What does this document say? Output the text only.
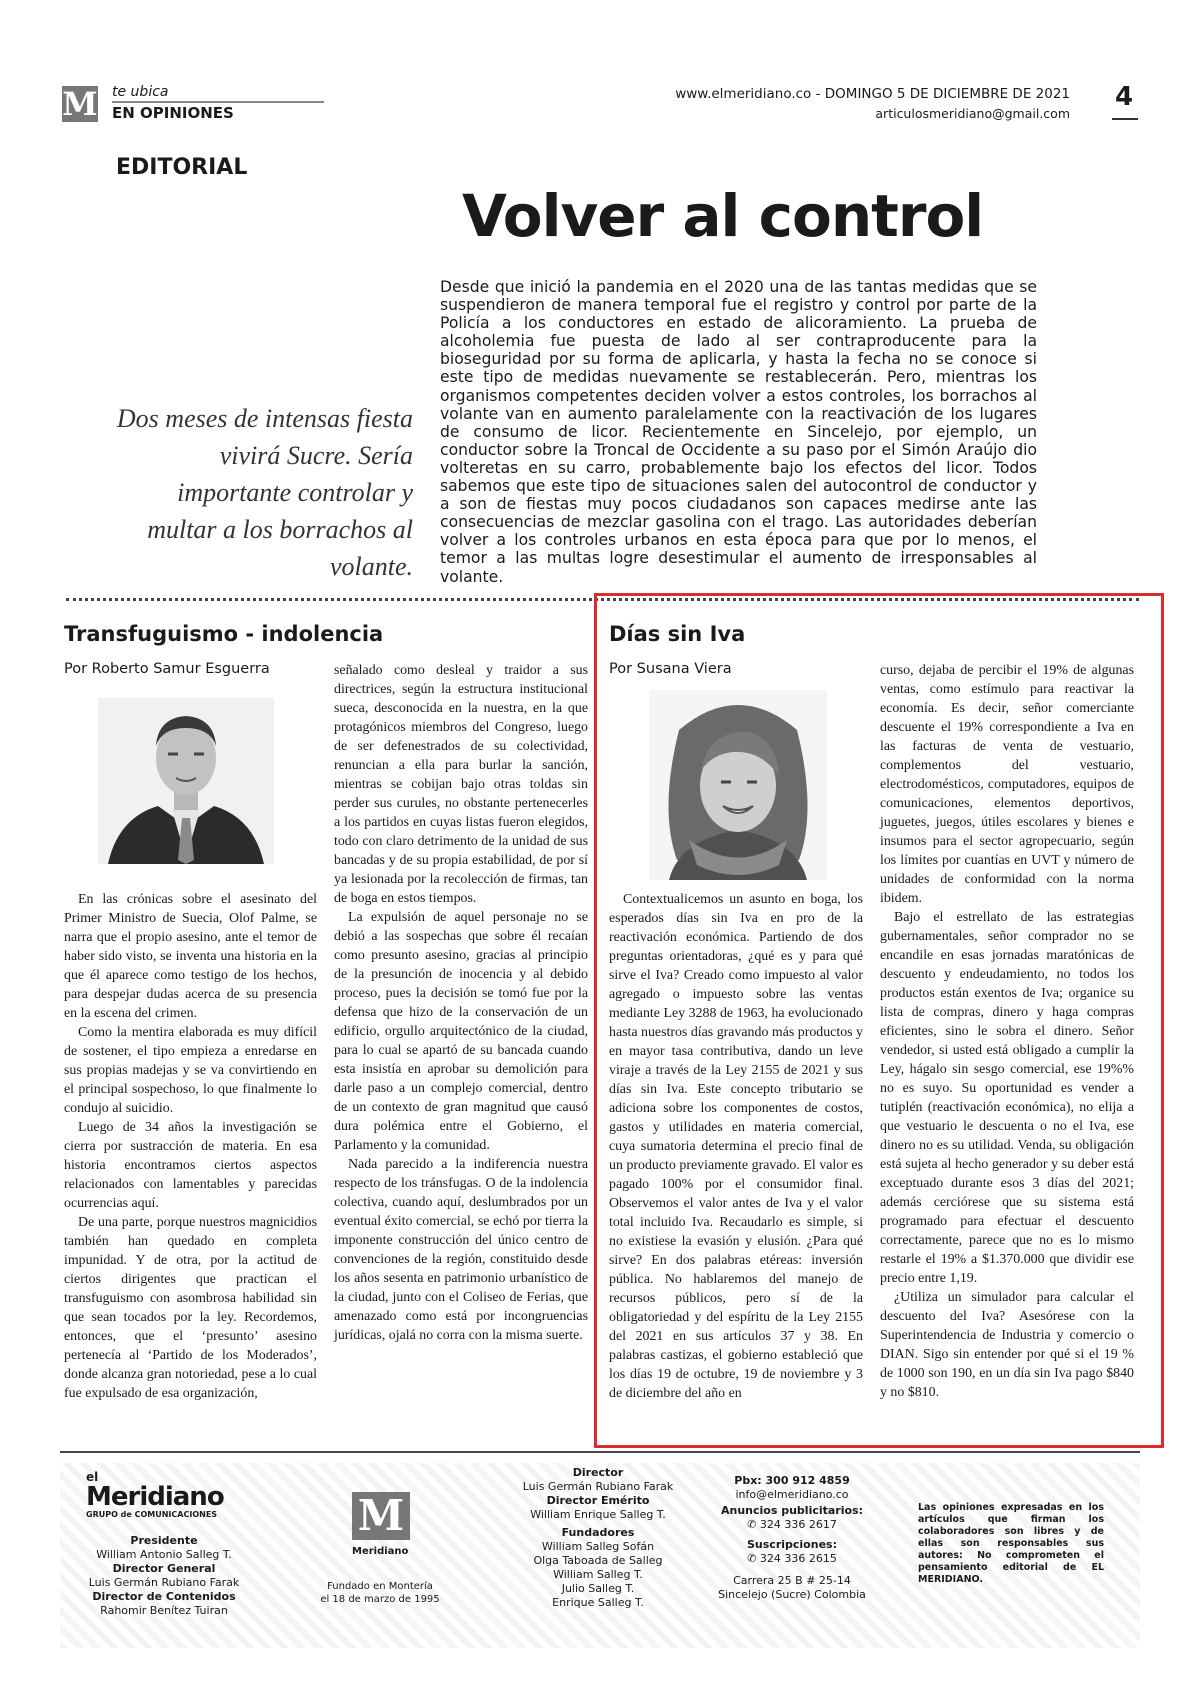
M te ubica
EN OPINIONES
www.elmeridiano.co - DOMINGO 5 DE DICIEMBRE DE 2021
articulosmeridiano@gmail.com
4
EDITORIAL
Volver al control
Desde que inició la pandemia en el 2020 una de las tantas medidas que se suspendieron de manera temporal fue el registro y control por parte de la Policía a los conductores en estado de alicoramiento. La prueba de alcoholemia fue puesta de lado al ser contraproducente para la bioseguridad por su forma de aplicarla, y hasta la fecha no se conoce si este tipo de medidas nuevamente se restablecerán. Pero, mientras los organismos competentes deciden volver a estos controles, los borrachos al volante van en aumento paralelamente con la reactivación de los lugares de consumo de licor. Recientemente en Sincelejo, por ejemplo, un conductor sobre la Troncal de Occidente a su paso por el Simón Araújo dio volteretas en su carro, probablemente bajo los efectos del licor. Todos sabemos que este tipo de situaciones salen del autocontrol de conductor y a son de fiestas muy pocos ciudadanos son capaces medirse ante las consecuencias de mezclar gasolina con el trago. Las autoridades deberían volver a los controles urbanos en esta época para que por lo menos, el temor a las multas logre desestimular el aumento de irresponsables al volante.
Dos meses de intensas fiesta vivirá Sucre. Sería importante controlar y multar a los borrachos al volante.
Transfuguismo - indolencia
Por Roberto Samur Esguerra

En las crónicas sobre el asesinato del Primer Ministro de Suecia, Olof Palme, se narra que el propio asesino, ante el temor de haber sido visto, se inventa una historia en la que él aparece como testigo de los hechos, para despejar dudas acerca de su presencia en la escena del crimen.

Como la mentira elaborada es muy difícil de sostener, el tipo empieza a enredarse en sus propias madejas y se va convirtiendo en el principal sospechoso, lo que finalmente lo condujo al suicidio.

Luego de 34 años la investigación se cierra por sustracción de materia. En esa historia encontramos ciertos aspectos relacionados con lamentables y parecidas ocurrencias aquí.

De una parte, porque nuestros magnicidios también han quedado en completa impunidad. Y de otra, por la actitud de ciertos dirigentes que practican el transfuguismo con asombrosa habilidad sin que sean tocados por la ley. Recordemos, entonces, que el ‘presunto’ asesino pertenecía al ‘Partido de los Moderados’, donde alcanza gran notoriedad, pese a lo cual fue expulsado de esa organización,

señalado como desleal y traidor a sus directrices, según la estructura institucional sueca, desconocida en la nuestra, en la que protagónicos miembros del Congreso, luego de ser defenestrados de su colectividad, renuncian a ella para burlar la sanción, mientras se cobijan bajo otras toldas sin perder sus curules, no obstante pertenecerles a los partidos en cuyas listas fueron elegidos, todo con claro detrimento de la unidad de sus bancadas y de su propia estabilidad, de por sí ya lesionada por la recolección de firmas, tan de boga en estos tiempos.

La expulsión de aquel personaje no se debió a las sospechas que sobre él recaían como presunto asesino, gracias al principio de la presunción de inocencia y al debido proceso, pues la decisión se tomó fue por la defensa que hizo de la conservación de un edificio, orgullo arquitectónico de la ciudad, para lo cual se apartó de su bancada cuando esta insistía en aprobar su demolición para darle paso a un complejo comercial, dentro de un contexto de gran magnitud que causó dura polémica entre el Gobierno, el Parlamento y la comunidad.

Nada parecido a la indiferencia nuestra respecto de los tránsfugas. O de la indolencia colectiva, cuando aquí, deslumbrados por un eventual éxito comercial, se echó por tierra la imponente construcción del único centro de convenciones de la región, constituido desde los años sesenta en patrimonio urbanístico de la ciudad, junto con el Coliseo de Ferias, que amenazado como está por incongruencias jurídicas, ojalá no corra con la misma suerte.

Días sin Iva
Por Susana Viera

Contextualicemos un asunto en boga, los esperados días sin Iva en pro de la reactivación económica. Partiendo de dos preguntas orientadoras, ¿qué es y para qué sirve el Iva? Creado como impuesto al valor agregado o impuesto sobre las ventas mediante Ley 3288 de 1963, ha evolucionado hasta nuestros días gravando más productos y en mayor tasa contributiva, dando un leve viraje a través de la Ley 2155 de 2021 y sus días sin Iva. Este concepto tributario se adiciona sobre los componentes de costos, gastos y utilidades en materia comercial, cuya sumatoria determina el precio final de un producto previamente gravado. El valor es pagado 100% por el consumidor final. Observemos el valor antes de Iva y el valor total incluido Iva. Recaudarlo es simple, si no existiese la evasión y elusión. ¿Para qué sirve? En dos palabras etéreas: inversión pública. No hablaremos del manejo de recursos públicos, pero sí de la obligatoriedad y del espíritu de la Ley 2155 del 2021 en sus artículos 37 y 38. En palabras castizas, el gobierno estableció que los días 19 de octubre, 19 de noviembre y 3 de diciembre del año en

curso, dejaba de percibir el 19% de algunas ventas, como estímulo para reactivar la economía. Es decir, señor comerciante descuente el 19% correspondiente a Iva en las facturas de venta de vestuario, complementos del vestuario, electrodomésticos, computadores, equipos de comunicaciones, elementos deportivos, juguetes, juegos, útiles escolares y bienes e insumos para el sector agropecuario, según los límites por cuantías en UVT y número de unidades de conformidad con la norma ibidem.

Bajo el estrellato de las estrategias gubernamentales, señor comprador no se encandile en esas jornadas maratónicas de descuento y endeudamiento, no todos los productos están exentos de Iva; organice su lista de compras, dinero y haga compras eficientes, sino le sobra el dinero. Señor vendedor, si usted está obligado a cumplir la Ley, hágalo sin sesgo comercial, ese 19%% no es suyo. Su oportunidad es vender a tutiplén (reactivación económica), no elija a que vestuario le descuenta o no el Iva, ese dinero no es su utilidad. Venda, su obligación está sujeta al hecho generador y su deber está exceptuado durante esos 3 días del 2021; además cerciórese que su sistema está programado para efectuar el descuento correctamente, parece que no es lo mismo restarle el 19% a $1.370.000 que dividir ese precio entre 1,19.

¿Utiliza un simulador para calcular el descuento del Iva? Asesórese con la Superintendencia de Industria y comercio o DIAN. Sigo sin entender por qué si el 19 % de 1000 son 190, en un día sin Iva pago $840 y no $810.

el
Meridiano
GRUPO de COMUNICACIONES
Presidente
William Antonio Salleg T.
Director General
Luis Germán Rubiano Farak
Director de Contenidos
Rahomir Benítez Tuiran
M
Meridiano
Fundado en Montería
el 18 de marzo de 1995
Director
Luis Germán Rubiano Farak
Director Emérito
William Enrique Salleg T.
Fundadores
William Salleg Sofán
Olga Taboada de Salleg
William Salleg T.
Julio Salleg T.
Enrique Salleg T.
Pbx: 300 912 4859
info@elmeridiano.co
Anuncios publicitarios:
✆ 324 336 2617
Suscripciones:
✆ 324 336 2615
Carrera 25 B # 25-14
Sincelejo (Sucre) Colombia
Las opiniones expresadas en los artículos que firman los colaboradores son libres y de ellas son responsables sus autores: No comprometen el pensamiento editorial de EL MERIDIANO.
